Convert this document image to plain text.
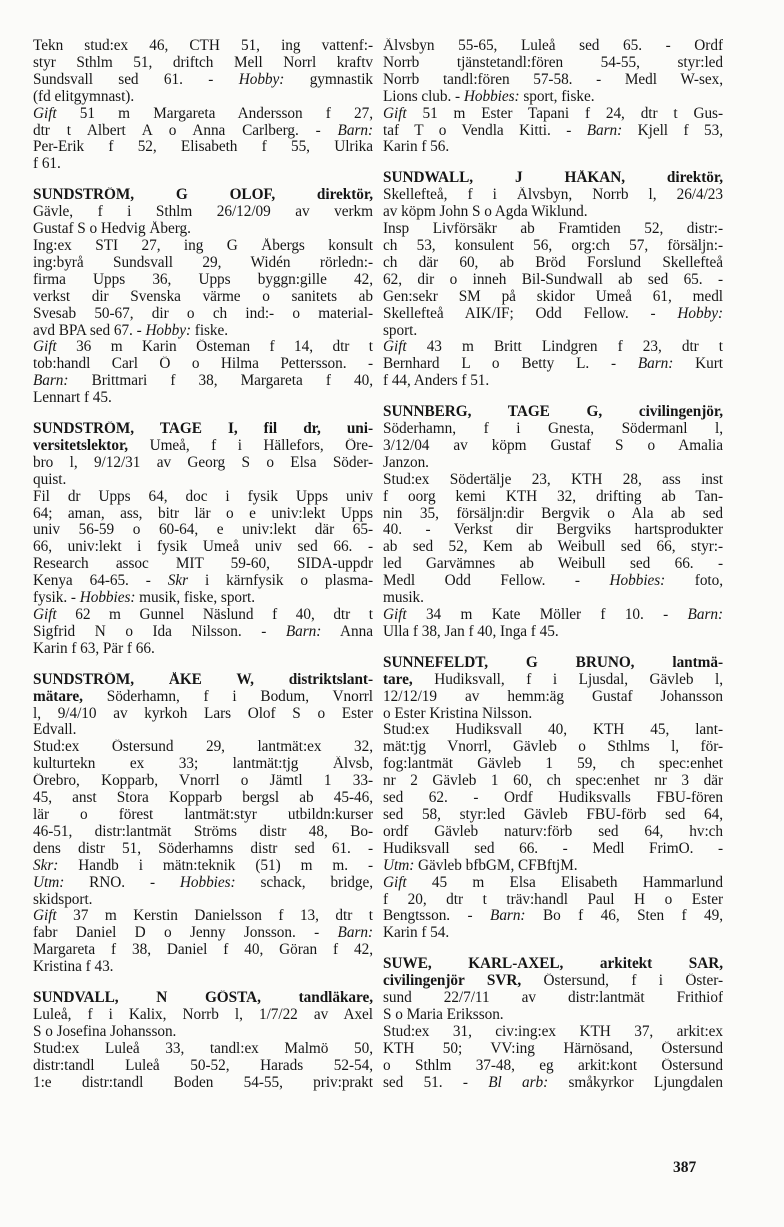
Tekn stud:ex 46, CTH 51, ing vattenf:-
styr Sthlm 51, driftch Mell Norrl kraftv
Sundsvall sed 61. - Hobby: gymnastik
(fd elitgymnast).
Gift 51 m Margareta Andersson f 27,
dtr t Albert A o Anna Carlberg. - Barn:
Per-Erik f 52, Elisabeth f 55, Ulrika
f 61.
SUNDSTRÖM, G OLOF, direktör,
Gävle, f i Sthlm 26/12/09 av verkm
Gustaf S o Hedvig Åberg.
Ing:ex STI 27, ing G Åbergs konsult
ing:byrå Sundsvall 29, Widén rörledn:-
firma Upps 36, Upps byggn:gille 42,
verkst dir Svenska värme o sanitets ab
Svesab 50-67, dir o ch ind:- o material-
avd BPA sed 67. - Hobby: fiske.
Gift 36 m Karin Östeman f 14, dtr t
tob:handl Carl Ö o Hilma Pettersson. -
Barn: Brittmari f 38, Margareta f 40,
Lennart f 45.
SUNDSTRÖM, TAGE I, fil dr, uni-
versitetslektor, Umeå, f i Hällefors, Öre-
bro l, 9/12/31 av Georg S o Elsa Söder-
quist.
Fil dr Upps 64, doc i fysik Upps univ
64; aman, ass, bitr lär o e univ:lekt Upps
univ 56-59 o 60-64, e univ:lekt där 65-
66, univ:lekt i fysik Umeå univ sed 66. -
Research assoc MIT 59-60, SIDA-uppdr
Kenya 64-65. - Skr i kärnfysik o plasma-
fysik. - Hobbies: musik, fiske, sport.
Gift 62 m Gunnel Näslund f 40, dtr t
Sigfrid N o Ida Nilsson. - Barn: Anna
Karin f 63, Pär f 66.
SUNDSTRÖM, ÅKE W, distriktslant-
mätare, Söderhamn, f i Bodum, Vnorrl
l, 9/4/10 av kyrkoh Lars Olof S o Ester
Edvall.
Stud:ex Östersund 29, lantmät:ex 32,
kulturtekn ex 33; lantmät:tjg Älvsb,
Örebro, Kopparb, Vnorrl o Jämtl 1 33-
45, anst Stora Kopparb bergsl ab 45-46,
lär o förest lantmät:styr utbildn:kurser
46-51, distr:lantmät Ströms distr 48, Bo-
dens distr 51, Söderhamns distr sed 61. -
Skr: Handb i mätn:teknik (51) m m. -
Utm: RNO. - Hobbies: schack, bridge,
skidsport.
Gift 37 m Kerstin Danielsson f 13, dtr t
fabr Daniel D o Jenny Jonsson. - Barn:
Margareta f 38, Daniel f 40, Göran f 42,
Kristina f 43.
SUNDVALL, N GÖSTA, tandläkare,
Luleå, f i Kalix, Norrb l, 1/7/22 av Axel
S o Josefina Johansson.
Stud:ex Luleå 33, tandl:ex Malmö 50,
distr:tandl Luleå 50-52, Harads 52-54,
1:e distr:tandl Boden 54-55, priv:prakt
Älvsbyn 55-65, Luleå sed 65. - Ordf
Norrb tjänstetandl:fören 54-55, styr:led
Norrb tandl:fören 57-58. - Medl W-sex,
Lions club. - Hobbies: sport, fiske.
Gift 51 m Ester Tapani f 24, dtr t Gus-
taf T o Vendla Kitti. - Barn: Kjell f 53,
Karin f 56.
SUNDWALL, J HÅKAN, direktör,
Skellefteå, f i Älvsbyn, Norrb l, 26/4/23
av köpm John S o Agda Wiklund.
Insp Livförsäkr ab Framtiden 52, distr:-
ch 53, konsulent 56, org:ch 57, försäljn:-
ch där 60, ab Bröd Forslund Skellefteå
62, dir o inneh Bil-Sundwall ab sed 65. -
Gen:sekr SM på skidor Umeå 61, medl
Skellefteå AIK/IF; Odd Fellow. - Hobby:
sport.
Gift 43 m Britt Lindgren f 23, dtr t
Bernhard L o Betty L. - Barn: Kurt
f 44, Anders f 51.
SUNNBERG, TAGE G, civilingenjör,
Söderhamn, f i Gnesta, Södermanl l,
3/12/04 av köpm Gustaf S o Amalia
Janzon.
Stud:ex Södertälje 23, KTH 28, ass inst
f oorg kemi KTH 32, drifting ab Tan-
nin 35, försäljn:dir Bergvik o Ala ab sed
40. - Verkst dir Bergviks hartsprodukter
ab sed 52, Kem ab Weibull sed 66, styr:-
led Garvämnes ab Weibull sed 66. -
Medl Odd Fellow. - Hobbies: foto,
musik.
Gift 34 m Kate Möller f 10. - Barn:
Ulla f 38, Jan f 40, Inga f 45.
SUNNEFELDT, G BRUNO, lantmä-
tare, Hudiksvall, f i Ljusdal, Gävleb l,
12/12/19 av hemm:äg Gustaf Johansson
o Ester Kristina Nilsson.
Stud:ex Hudiksvall 40, KTH 45, lant-
mät:tjg Vnorrl, Gävleb o Sthlms l, för-
fog:lantmät Gävleb 1 59, ch spec:enhet
nr 2 Gävleb 1 60, ch spec:enhet nr 3 där
sed 62. - Ordf Hudiksvalls FBU-fören
sed 58, styr:led Gävleb FBU-förb sed 64,
ordf Gävleb naturv:förb sed 64, hv:ch
Hudiksvall sed 66. - Medl FrimO. -
Utm: Gävleb bfbGM, CFBftjM.
Gift 45 m Elsa Elisabeth Hammarlund
f 20, dtr t träv:handl Paul H o Ester
Bengtsson. - Barn: Bo f 46, Sten f 49,
Karin f 54.
SUWE, KARL-AXEL, arkitekt SAR,
civilingenjör SVR, Östersund, f i Öster-
sund 22/7/11 av distr:lantmät Frithiof
S o Maria Eriksson.
Stud:ex 31, civ:ing:ex KTH 37, arkit:ex
KTH 50; VV:ing Härnösand, Östersund
o Sthlm 37-48, eg arkit:kont Östersund
sed 51. - Bl arb: småkyrkor Ljungdalen
387
